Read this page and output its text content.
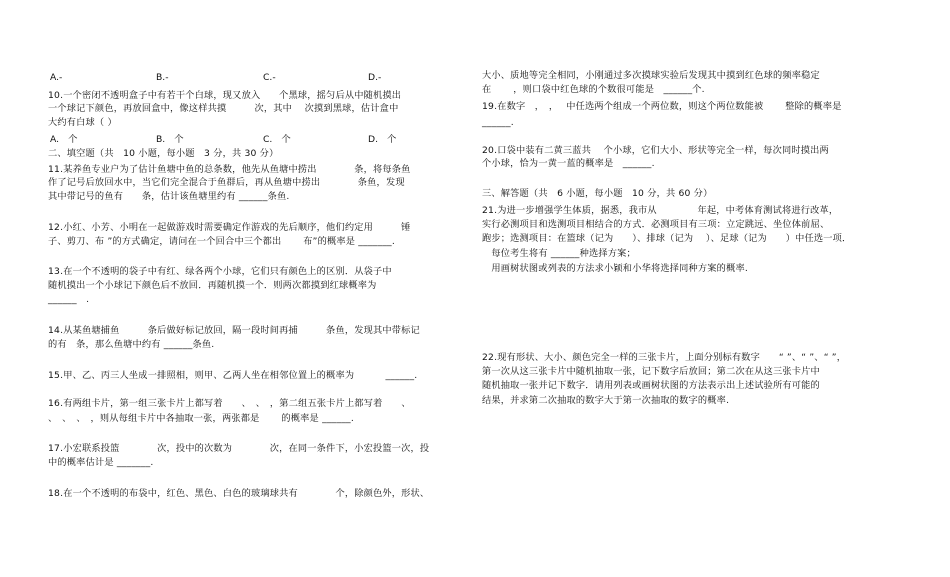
A.-	B.-	C.-	D.-
10.一个密闭不透明盒子中有若干个白球，现又放入　　个黑球，摇匀后从中随机摸出
一个球记下颜色，再放回盒中，像这样共摸　　　次，其中　 次摸到黑球，估计盒中
大约有白球（ ）
A.　个	B.　个	C.　个	D.　个
二、填空题（共　10 小题，每小题　3 分，共 30 分）
11.某养鱼专业户为了估计鱼塘中鱼的总条数，他先从鱼塘中捞出　　　　条，将每条鱼
作了记号后放回水中，当它们完全混合于鱼群后，再从鱼塘中捞出　　　　条鱼，发现
其中带记号的鱼有　　条，估计该鱼塘里约有 ______条鱼.
12.小红、小芳、小明在一起做游戏时需要确定作游戏的先后顺序，他们约定用　　　锤
子、剪刀、布 ”的方式确定，请问在一个回合中三个都出　　 布”的概率是 _______.
13.在一个不透明的袋子中有红、绿各两个小球，它们只有颜色上的区别．从袋子中
随机摸出一个小球记下颜色后不放回．再随机摸一个．则两次都摸到红球概率为
______　.
14.从某鱼塘捕鱼　　　条后做好标记放回，隔一段时间再捕　　　条鱼，发现其中带标记
的有　条，那么鱼塘中约有 ______条鱼.
15.甲、乙、丙三人坐成一排照相，则甲、乙两人坐在相邻位置上的概率为　　　 ______.
16.有两组卡片，第一组三张卡片上都写着　　、　、　，第二组五张卡片上都写着　　、
、　、　、　，则从每组卡片中各抽取一张，两张都是　　 的概率是 ______.
17.小宏联系投篮　　　　次，投中的次数为　　　　次，在同一条件下，小宏投篮一次，投
中的概率估计是 _______.
18.在一个不透明的布袋中，红色、黑色、白色的玻璃球共有　　　　个，除颜色外，形状、
大小、质地等完全相同，小刚通过多次摸球实验后发现其中摸到红色球的频率稳定
在　　 ，则口袋中红色球的个数很可能是　______个.
19.在数字　，　，　 中任选两个组成一个两位数，则这个两位数能被　　 整除的概率是
______.
20.口袋中装有二黄三蓝共　 个小球，它们大小、形状等完全一样，每次同时摸出两
个小球，恰为一黄一蓝的概率是　______.
三、解答题（共　6 小题，每小题　10 分，共 60 分）
21.为进一步增强学生体质，据悉，我市从　　　　 年起，中考体育测试将进行改革，
实行必测项目和选测项目相结合的方式．必测项目有三项：立定跳远、坐位体前屈、
跑步；选测项目：在篮球（记为　　）、排球（记为　 ）、足球（记为　　）中任选一项．
　每位考生将有 ______种选择方案；
　用画树状图或列表的方法求小颖和小华将选择同种方案的概率.
22.现有形状、大小、颜色完全一样的三张卡片，上面分别标有数字　　“ ”、“ ”、“ ”，
第一次从这三张卡片中随机抽取一张，记下数字后放回；第二次在从这三张卡片中
随机抽取一张并记下数字．请用列表或画树状图的方法表示出上述试验所有可能的
结果，并求第二次抽取的数字大于第一次抽取的数字的概率.
